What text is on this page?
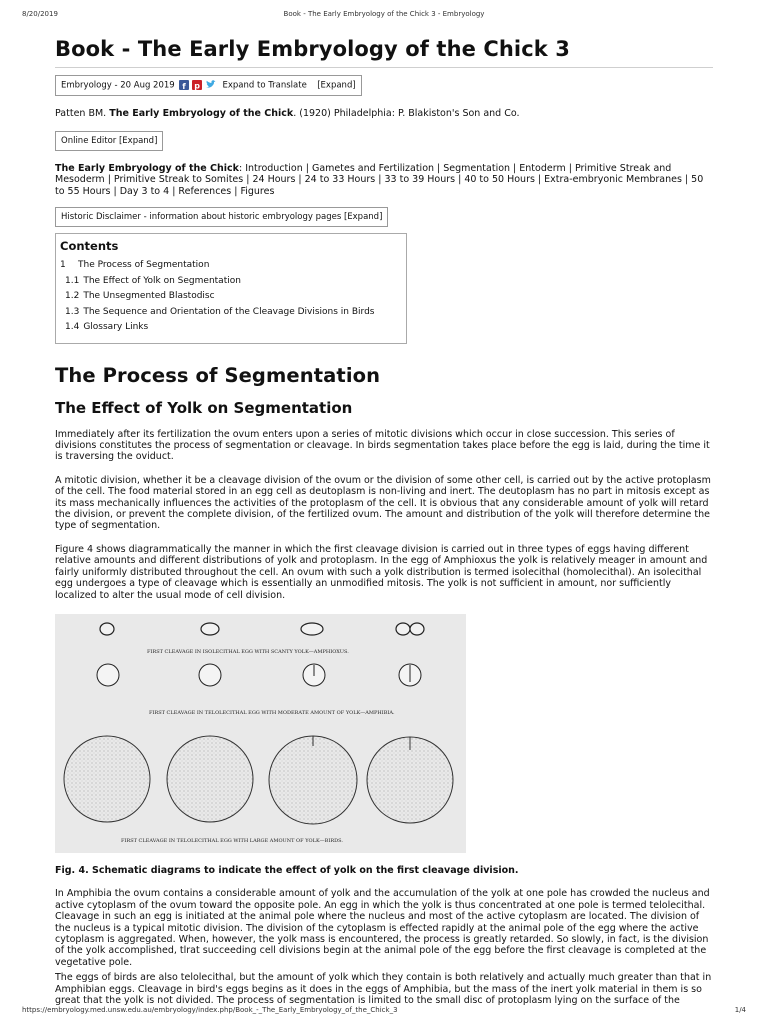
8/20/2019	Book - The Early Embryology of the Chick 3 - Embryology
Book - The Early Embryology of the Chick 3
Embryology - 20 Aug 2019 f
p	Expand to Translate [Expand]

Patten BM. The Early Embryology of the Chick. (1920) Philadelphia: P. Blakiston's Son and Co.

Online Editor [Expand]

The Early Embryology of the Chick: Introduction | Gametes and Fertilization | Segmentation | Entoderm | Primitive Streak and Mesoderm | Primitive Streak to Somites | 24 Hours | 24 to 33 Hours | 33 to 39 Hours | 40 to 50 Hours | Extra-embryonic Membranes | 50 to 55 Hours | Day 3 to 4 | References | Figures

Historic Disclaimer - information about historic embryology pages [Expand]
Contents
1 The Process of Segmentation
1.1 The Effect of Yolk on Segmentation
1.2 The Unsegmented Blastodisc
1.3 The Sequence and Orientation of the Cleavage Divisions in Birds
1.4 Glossary Links
The Process of Segmentation
The Effect of Yolk on Segmentation

Immediately after its fertilization the ovum enters upon a series of mitotic divisions which occur in close succession. This series of divisions constitutes the process of segmentation or cleavage. In birds segmentation takes place before the egg is laid, during the time it is traversing the oviduct.

A mitotic division, whether it be a cleavage division of the ovum or the division of some other cell, is carried out by the active protoplasm of the cell. The food material stored in an egg cell as deutoplasm is non-living and inert. The deutoplasm has no part in mitosis except as its mass mechanically influences the activities of the protoplasm of the cell. It is obvious that any considerable amount of yolk will retard the division, or prevent the complete division, of the fertilized ovum. The amount and distribution of the yolk will therefore determine the type of segmentation.

Figure 4 shows diagrammatically the manner in which the first cleavage division is carried out in three types of eggs having different relative amounts and different distributions of yolk and protoplasm. In the egg of Amphioxus the yolk is relatively meager in amount and fairly uniformly distributed throughout the cell. An ovum with such a yolk distribution is termed isolecithal (homolecithal). An isolecithal egg undergoes a type of cleavage which is essentially an unmodified mitosis. The yolk is not sufficient in amount, nor sufficiently localized to alter the usual mode of cell division.

FIRST CLEAVAGE IN ISOLECITHAL EGG WITH SCANTY YOLK—AMPHIOXUS.
FIRST CLEAVAGE IN TELOLECITHAL EGG WITH MODERATE AMOUNT OF YOLK—AMPHIBIA.
FIRST CLEAVAGE IN TELOLECITHAL EGG WITH LARGE AMOUNT OF YOLK—BIRDS.

Fig. 4. Schematic diagrams to indicate the effect of yolk on the first cleavage division.

In Amphibia the ovum contains a considerable amount of yolk and the accumulation of the yolk at one pole has crowded the nucleus and active cytoplasm of the ovum toward the opposite pole. An egg in which the yolk is thus concentrated at one pole is termed telolecithal. Cleavage in such an egg is initiated at the animal pole where the nucleus and most of the active cytoplasm are located. The division of the nucleus is a typical mitotic division. The division of the cytoplasm is effected rapidly at the animal pole of the egg where the active cytoplasm is aggregated. When, however, the yolk mass is encountered, the process is greatly retarded. So slowly, in fact, is the division of the yolk accomplished, tlrat succeeding cell divisions begin at the animal pole of the egg before the first cleavage is completed at the vegetative pole.

The eggs of birds are also telolecithal, but the amount of yolk which they contain is both relatively and actually much greater than that in Amphibian eggs. Cleavage in bird's eggs begins as it does in the eggs of Amphibia, but the mass of the inert yolk material in them is so great that the yolk is not divided. The process of segmentation is limited to the small disc of protoplasm lying on the surface of the

https://embryology.med.unsw.edu.au/embryology/index.php/Book_-_The_Early_Embryology_of_the_Chick_3	1/4
